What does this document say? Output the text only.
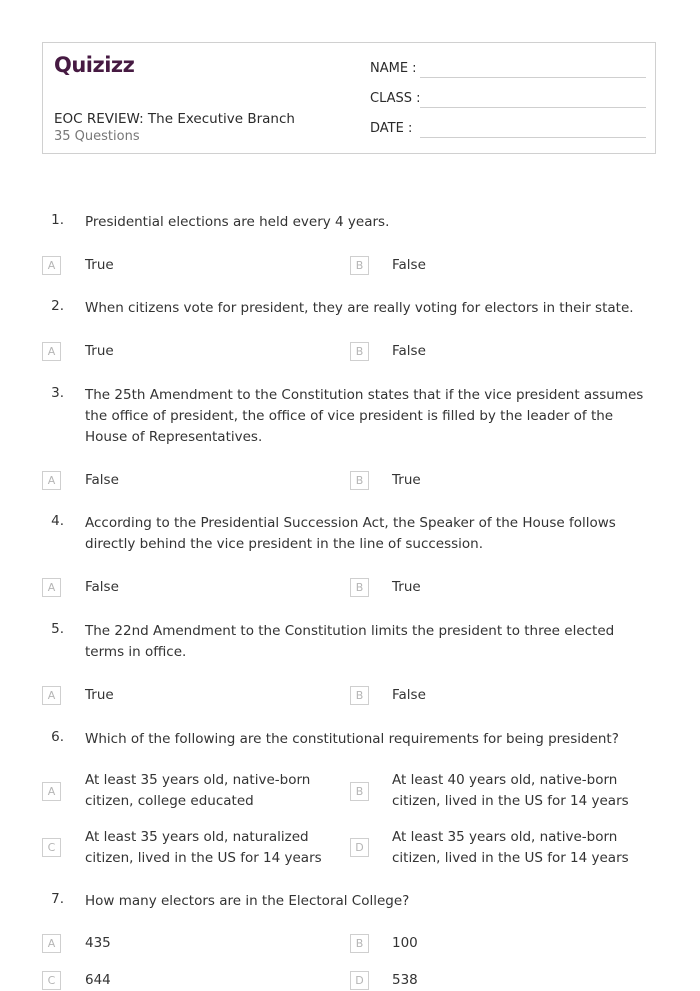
Quizizz
EOC REVIEW: The Executive Branch
35 Questions
NAME :
CLASS :
DATE :
1. Presidential elections are held every 4 years.
A	True	B	False
2. When citizens vote for president, they are really voting for electors in their state.
A	True	B	False
3. The 25th Amendment to the Constitution states that if the vice president assumes the office of president, the office of vice president is filled by the leader of the House of Representatives.
A	False	B	True
4. According to the Presidential Succession Act, the Speaker of the House follows directly behind the vice president in the line of succession.
A	False	B	True
5. The 22nd Amendment to the Constitution limits the president to three elected terms in office.
A	True	B	False
6. Which of the following are the constitutional requirements for being president?
A
At least 35 years old, native-born citizen, college educated
B
At least 40 years old, native-born citizen, lived in the US for 14 years
C
At least 35 years old, naturalized citizen, lived in the US for 14 years
D
At least 35 years old, native-born citizen, lived in the US for 14 years
7. How many electors are in the Electoral College?
A	435	B	100
C	644	D	538
